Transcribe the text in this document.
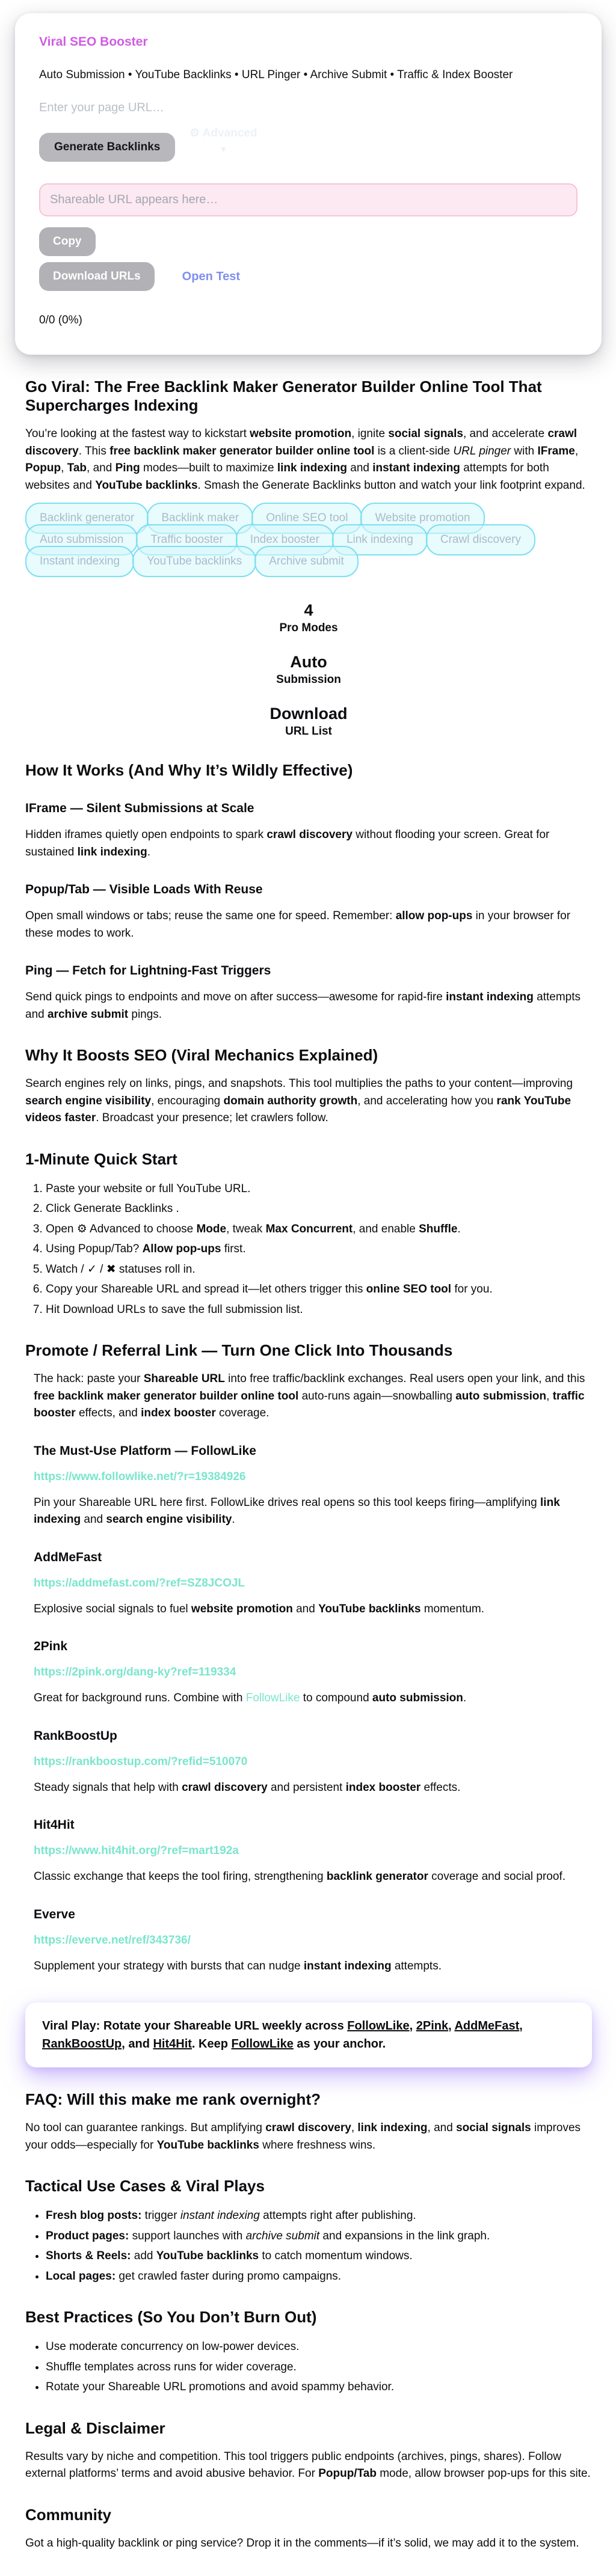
Viral SEO Booster
Auto Submission • YouTube Backlinks • URL Pinger • Archive Submit • Traffic & Index Booster
Enter your page URL…
Generate Backlinks
⚙ Advanced
▾
Shareable URL appears here…
Copy
Download URLs	Open Test
0/0 (0%)
Go Viral: The Free Backlink Maker Generator Builder Online Tool That Supercharges Indexing

You’re looking at the fastest way to kickstart website promotion, ignite social signals, and accelerate crawl discovery. This free backlink maker generator builder online tool is a client-side URL pinger with IFrame, Popup, Tab, and Ping modes—built to maximize link indexing and instant indexing attempts for both websites and YouTube backlinks. Smash the Generate Backlinks button and watch your link footprint expand.

Backlink generator Backlink maker Online SEO tool Website promotionAuto submission Traffic booster Index booster Link indexing Crawl discoveryInstant indexing YouTube backlinks Archive submit
4
Pro Modes
Auto
Submission
Download
URL List
How It Works (And Why It’s Wildly Effective)
IFrame — Silent Submissions at Scale

Hidden iframes quietly open endpoints to spark crawl discovery without flooding your screen. Great for sustained link indexing.

Popup/Tab — Visible Loads With Reuse

Open small windows or tabs; reuse the same one for speed. Remember: allow pop-ups in your browser for these modes to work.

Ping — Fetch for Lightning-Fast Triggers

Send quick pings to endpoints and move on after success—awesome for rapid-fire instant indexing attempts and archive submit pings.

Why It Boosts SEO (Viral Mechanics Explained)

Search engines rely on links, pings, and snapshots. This tool multiplies the paths to your content—improving search engine visibility, encouraging domain authority growth, and accelerating how you rank YouTube videos faster. Broadcast your presence; let crawlers follow.

1-Minute Quick Start
1. Paste your website or full YouTube URL.
2. Click Generate Backlinks .
3. Open ⚙ Advanced to choose Mode, tweak Max Concurrent, and enable Shuffle.
4. Using Popup/Tab? Allow pop-ups first.
5. Watch / ✓ / ✖ statuses roll in.
6. Copy your Shareable URL and spread it—let others trigger this online SEO tool for you.
7. Hit Download URLs to save the full submission list.
Promote / Referral Link — Turn One Click Into Thousands

The hack: paste your Shareable URL into free traffic/backlink exchanges. Real users open your link, and this free backlink maker generator builder online tool auto-runs again—snowballing auto submission, traffic booster effects, and index booster coverage.

The Must-Use Platform — FollowLike
https://www.followlike.net/?r=19384926

Pin your Shareable URL here first. FollowLike drives real opens so this tool keeps firing—amplifying link indexing and search engine visibility.

AddMeFast
https://addmefast.com/?ref=SZ8JCOJL

Explosive social signals to fuel website promotion and YouTube backlinks momentum.

2Pink
https://2pink.org/dang-ky?ref=119334

Great for background runs. Combine with FollowLike to compound auto submission.

RankBoostUp
https://rankboostup.com/?refid=510070

Steady signals that help with crawl discovery and persistent index booster effects.

Hit4Hit
https://www.hit4hit.org/?ref=mart192a

Classic exchange that keeps the tool firing, strengthening backlink generator coverage and social proof.

Everve
https://everve.net/ref/343736/

Supplement your strategy with bursts that can nudge instant indexing attempts.

Viral Play: Rotate your Shareable URL weekly across FollowLike, 2Pink, AddMeFast, RankBoostUp, and Hit4Hit. Keep FollowLike as your anchor.
FAQ: Will this make me rank overnight?

No tool can guarantee rankings. But amplifying crawl discovery, link indexing, and social signals improves your odds—especially for YouTube backlinks where freshness wins.

Tactical Use Cases & Viral Plays
• Fresh blog posts: trigger instant indexing attempts right after publishing.
• Product pages: support launches with archive submit and expansions in the link graph.
• Shorts & Reels: add YouTube backlinks to catch momentum windows.
• Local pages: get crawled faster during promo campaigns.
Best Practices (So You Don’t Burn Out)
• Use moderate concurrency on low-power devices.
• Shuffle templates across runs for wider coverage.
• Rotate your Shareable URL promotions and avoid spammy behavior.
Legal & Disclaimer

Results vary by niche and competition. This tool triggers public endpoints (archives, pings, shares). Follow external platforms’ terms and avoid abusive behavior. For Popup/Tab mode, allow browser pop-ups for this site.

Community

Got a high-quality backlink or ping service? Drop it in the comments—if it’s solid, we may add it to the system.
